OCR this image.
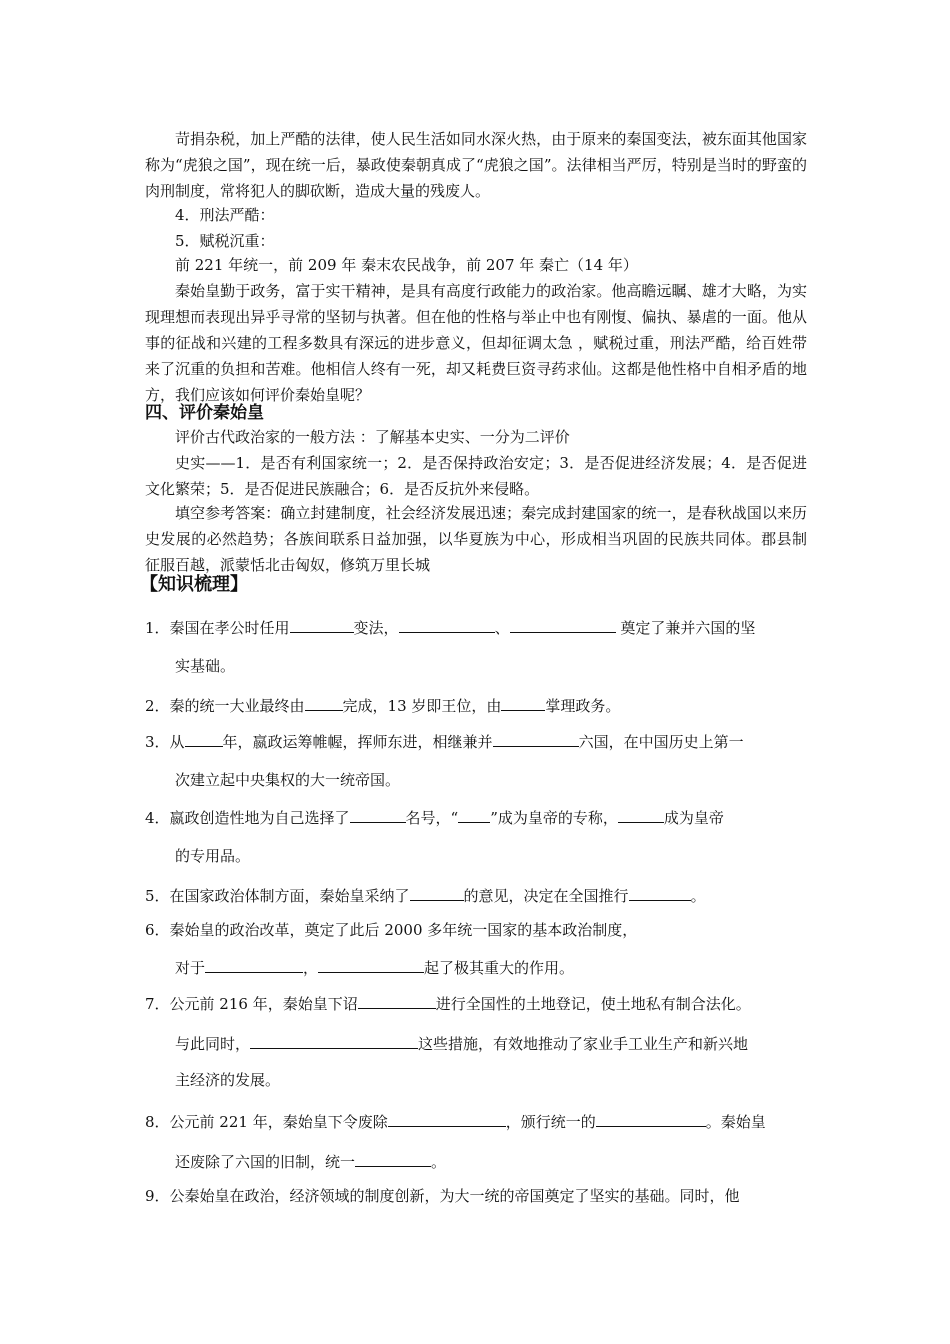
苛捐杂税，加上严酷的法律，使人民生活如同水深火热，由于原来的秦国变法，被东面其他国家称为“虎狼之国”，现在统一后，暴政使秦朝真成了“虎狼之国”。法律相当严厉，特别是当时的野蛮的肉刑制度，常将犯人的脚砍断，造成大量的残废人。

4．刑法严酷：

5．赋税沉重：

前 221 年统一，前 209 年 秦末农民战争，前 207 年 秦亡（14 年）

秦始皇勤于政务，富于实干精神，是具有高度行政能力的政治家。他高瞻远瞩、雄才大略，为实现理想而表现出异乎寻常的坚韧与执著。但在他的性格与举止中也有刚愎、偏执、暴虐的一面。他从事的征战和兴建的工程多数具有深远的进步意义，但却征调太急 ，赋税过重，刑法严酷，给百姓带来了沉重的负担和苦难。他相信人终有一死，却又耗费巨资寻药求仙。这都是他性格中自相矛盾的地方，我们应该如何评价秦始皇呢？

四、评价秦始皇

评价古代政治家的一般方法 ：了解基本史实、一分为二评价

史实——1．是否有利国家统一；2．是否保持政治安定；3．是否促进经济发展；4．是否促进文化繁荣；5．是否促进民族融合；6．是否反抗外来侵略。

填空参考答案：确立封建制度，社会经济发展迅速；秦完成封建国家的统一，是春秋战国以来历史发展的必然趋势；各族间联系日益加强，以华夏族为中心，形成相当巩固的民族共同体。郡县制 征服百越，派蒙恬北击匈奴，修筑万里长城

【知识梳理】

1．秦国在孝公时任用	变法，	、	奠定了兼并六国的坚

实基础。

2．秦的统一大业最终由	完成，13 岁即王位，由	掌理政务。

3．从	年，嬴政运筹帷幄，挥师东进，相继兼并	六国，在中国历史上第一

次建立起中央集权的大一统帝国。

4．嬴政创造性地为自己选择了	名号，“ ”成为皇帝的专称，	成为皇帝

的专用品。

5．在国家政治体制方面，秦始皇采纳了	的意见，决定在全国推行	。

6．秦始皇的政治改革，奠定了此后 2000 多年统一国家的基本政治制度，

对于	，	起了极其重大的作用。

7．公元前 216 年，秦始皇下诏	进行全国性的土地登记，使土地私有制合法化。

与此同时，	这些措施，有效地推动了家业手工业生产和新兴地

主经济的发展。

8．公元前 221 年，秦始皇下令废除	，颁行统一的	。秦始皇

还废除了六国的旧制，统一	。

9．公秦始皇在政治，经济领域的制度创新，为大一统的帝国奠定了坚实的基础。同时，他
